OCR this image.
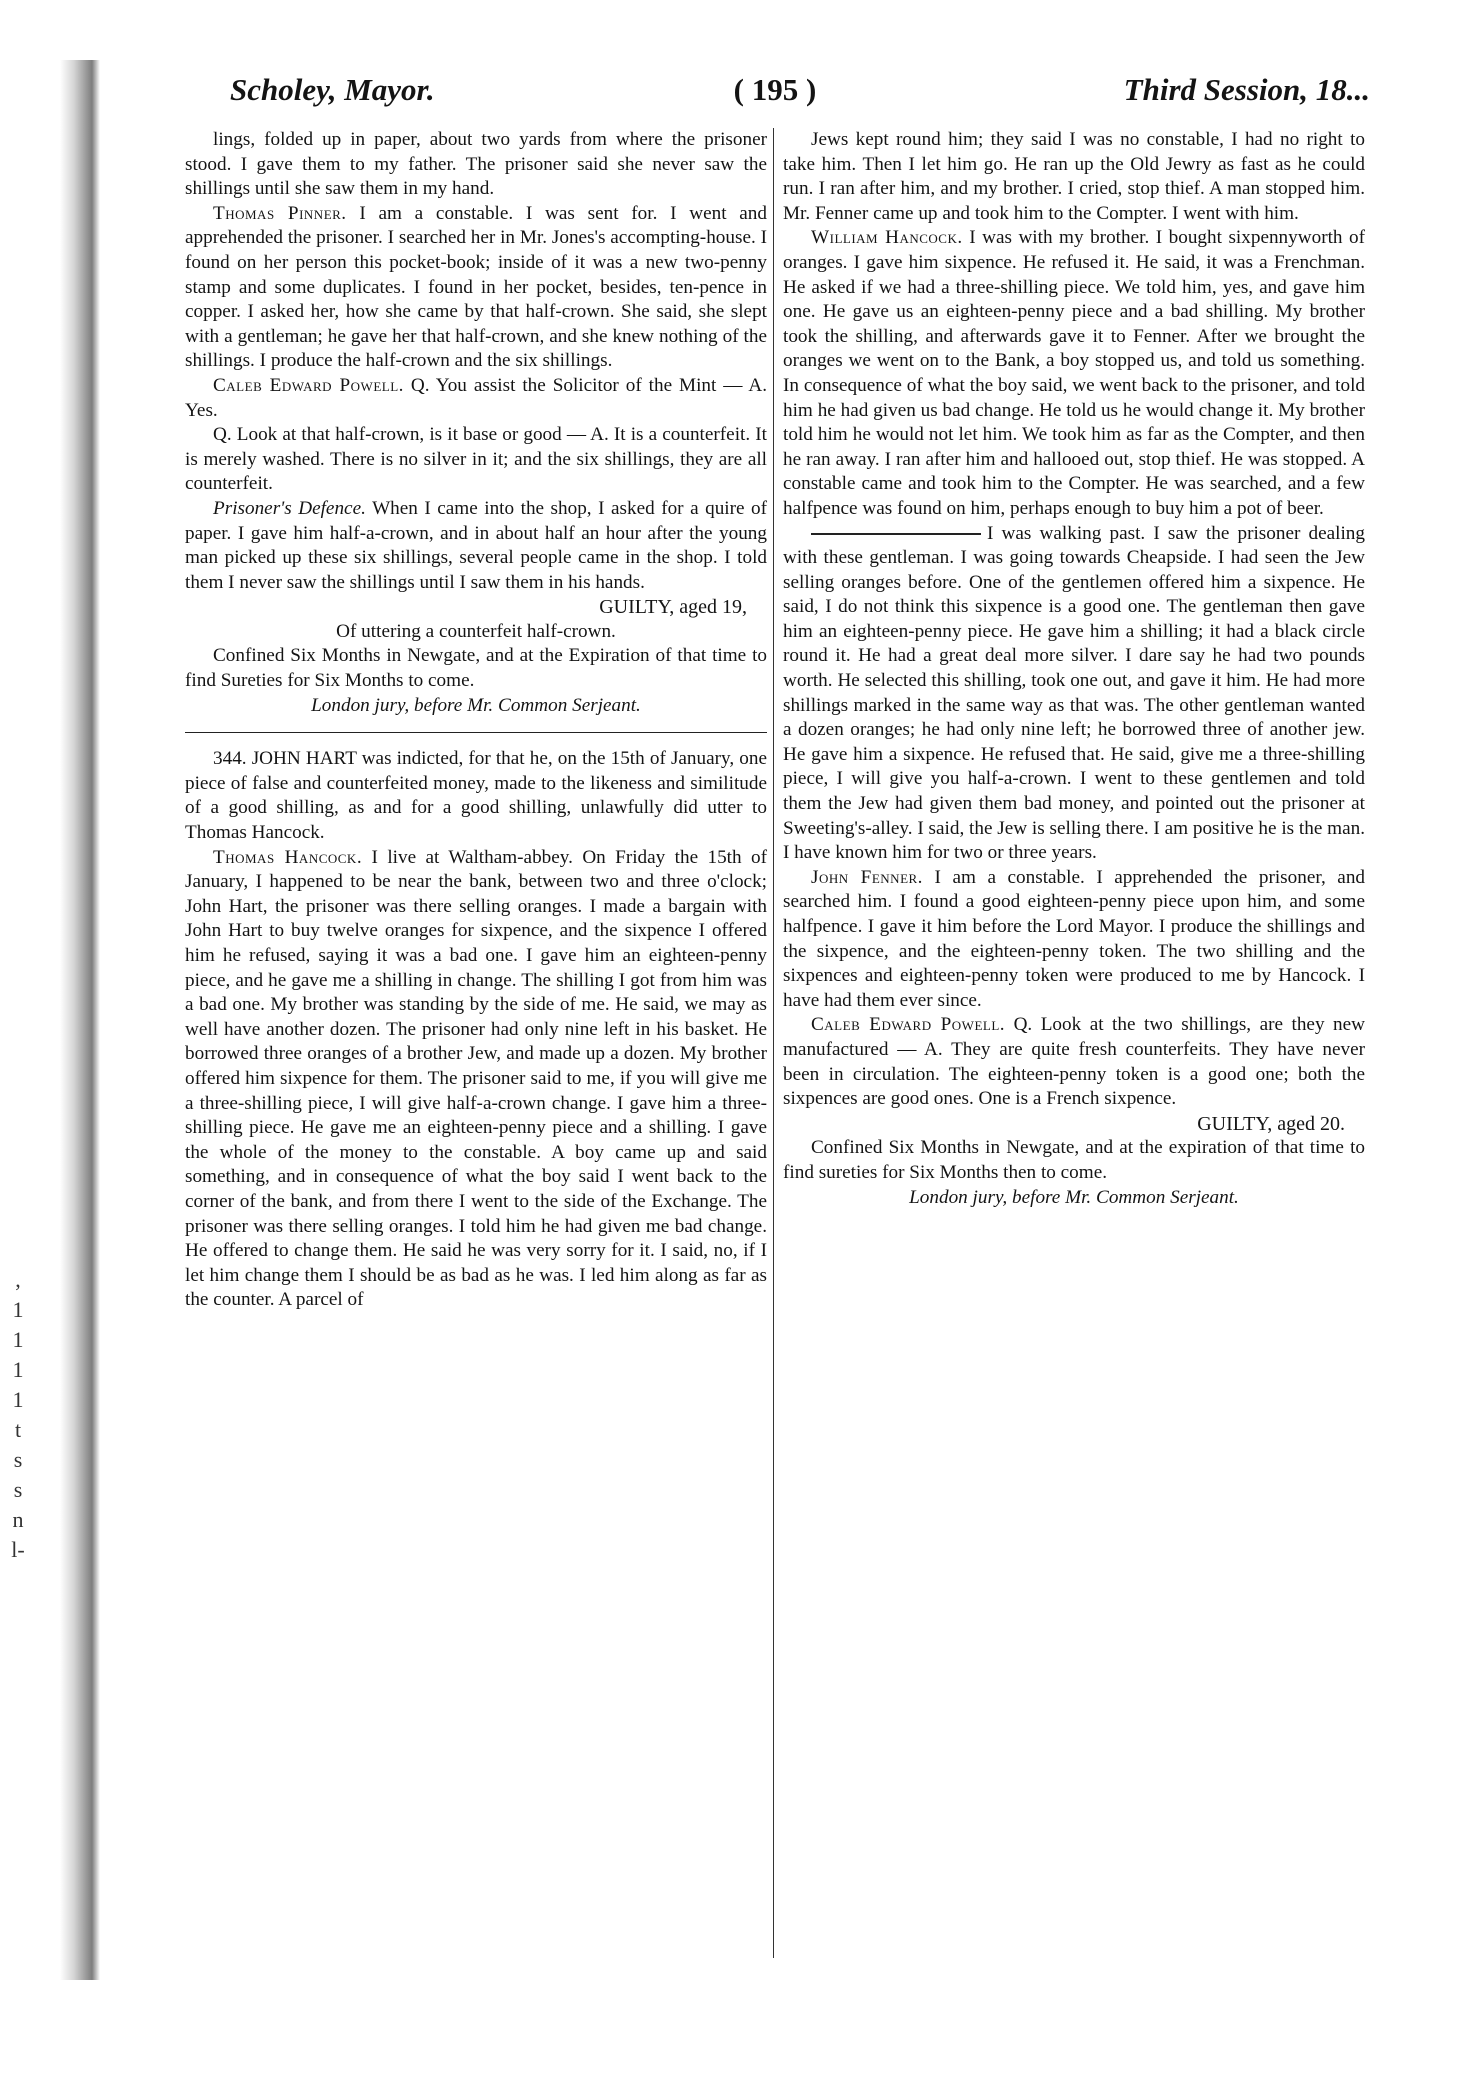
,
1
1
1
1
t
s
s
n
l-
Scholey, Mayor.	( 195 )	Third Session, 18...

lings, folded up in paper, about two yards from where the prisoner stood. I gave them to my father. The prisoner said she never saw the shillings until she saw them in my hand.

Thomas Pinner. I am a constable. I was sent for. I went and apprehended the prisoner. I searched her in Mr. Jones's accompting-house. I found on her person this pocket-book; inside of it was a new two-penny stamp and some duplicates. I found in her pocket, besides, ten-pence in copper. I asked her, how she came by that half-crown. She said, she slept with a gentleman; he gave her that half-crown, and she knew nothing of the shillings. I produce the half-crown and the six shillings.

Caleb Edward Powell. Q. You assist the Solicitor of the Mint — A. Yes.

Q. Look at that half-crown, is it base or good — A. It is a counterfeit. It is merely washed. There is no silver in it; and the six shillings, they are all counterfeit.

Prisoner's Defence. When I came into the shop, I asked for a quire of paper. I gave him half-a-crown, and in about half an hour after the young man picked up these six shillings, several people came in the shop. I told them I never saw the shillings until I saw them in his hands.

GUILTY, aged 19,

Of uttering a counterfeit half-crown.

Confined Six Months in Newgate, and at the Expiration of that time to find Sureties for Six Months to come.

London jury, before Mr. Common Serjeant.

344. JOHN HART was indicted, for that he, on the 15th of January, one piece of false and counterfeited money, made to the likeness and similitude of a good shilling, as and for a good shilling, unlawfully did utter to Thomas Hancock.

Thomas Hancock. I live at Waltham-abbey. On Friday the 15th of January, I happened to be near the bank, between two and three o'clock; John Hart, the prisoner was there selling oranges. I made a bargain with John Hart to buy twelve oranges for sixpence, and the sixpence I offered him he refused, saying it was a bad one. I gave him an eighteen-penny piece, and he gave me a shilling in change. The shilling I got from him was a bad one. My brother was standing by the side of me. He said, we may as well have another dozen. The prisoner had only nine left in his basket. He borrowed three oranges of a brother Jew, and made up a dozen. My brother offered him sixpence for them. The prisoner said to me, if you will give me a three-shilling piece, I will give half-a-crown change. I gave him a three-shilling piece. He gave me an eighteen-penny piece and a shilling. I gave the whole of the money to the constable. A boy came up and said something, and in consequence of what the boy said I went back to the corner of the bank, and from there I went to the side of the Exchange. The prisoner was there selling oranges. I told him he had given me bad change. He offered to change them. He said he was very sorry for it. I said, no, if I let him change them I should be as bad as he was. I led him along as far as the counter. A parcel of

Jews kept round him; they said I was no constable, I had no right to take him. Then I let him go. He ran up the Old Jewry as fast as he could run. I ran after him, and my brother. I cried, stop thief. A man stopped him. Mr. Fenner came up and took him to the Compter. I went with him.

William Hancock. I was with my brother. I bought sixpennyworth of oranges. I gave him sixpence. He refused it. He said, it was a Frenchman. He asked if we had a three-shilling piece. We told him, yes, and gave him one. He gave us an eighteen-penny piece and a bad shilling. My brother took the shilling, and afterwards gave it to Fenner. After we brought the oranges we went on to the Bank, a boy stopped us, and told us something. In consequence of what the boy said, we went back to the prisoner, and told him he had given us bad change. He told us he would change it. My brother told him he would not let him. We took him as far as the Compter, and then he ran away. I ran after him and hallooed out, stop thief. He was stopped. A constable came and took him to the Compter. He was searched, and a few halfpence was found on him, perhaps enough to buy him a pot of beer.

I was walking past. I saw the prisoner dealing with these gentleman. I was going towards Cheapside. I had seen the Jew selling oranges before. One of the gentlemen offered him a sixpence. He said, I do not think this sixpence is a good one. The gentleman then gave him an eighteen-penny piece. He gave him a shilling; it had a black circle round it. He had a great deal more silver. I dare say he had two pounds worth. He selected this shilling, took one out, and gave it him. He had more shillings marked in the same way as that was. The other gentleman wanted a dozen oranges; he had only nine left; he borrowed three of another jew. He gave him a sixpence. He refused that. He said, give me a three-shilling piece, I will give you half-a-crown. I went to these gentlemen and told them the Jew had given them bad money, and pointed out the prisoner at Sweeting's-alley. I said, the Jew is selling there. I am positive he is the man. I have known him for two or three years.

John Fenner. I am a constable. I apprehended the prisoner, and searched him. I found a good eighteen-penny piece upon him, and some halfpence. I gave it him before the Lord Mayor. I produce the shillings and the sixpence, and the eighteen-penny token. The two shilling and the sixpences and eighteen-penny token were produced to me by Hancock. I have had them ever since.

Caleb Edward Powell. Q. Look at the two shillings, are they new manufactured — A. They are quite fresh counterfeits. They have never been in circulation. The eighteen-penny token is a good one; both the sixpences are good ones. One is a French sixpence.

GUILTY, aged 20.

Confined Six Months in Newgate, and at the expiration of that time to find sureties for Six Months then to come.

London jury, before Mr. Common Serjeant.
